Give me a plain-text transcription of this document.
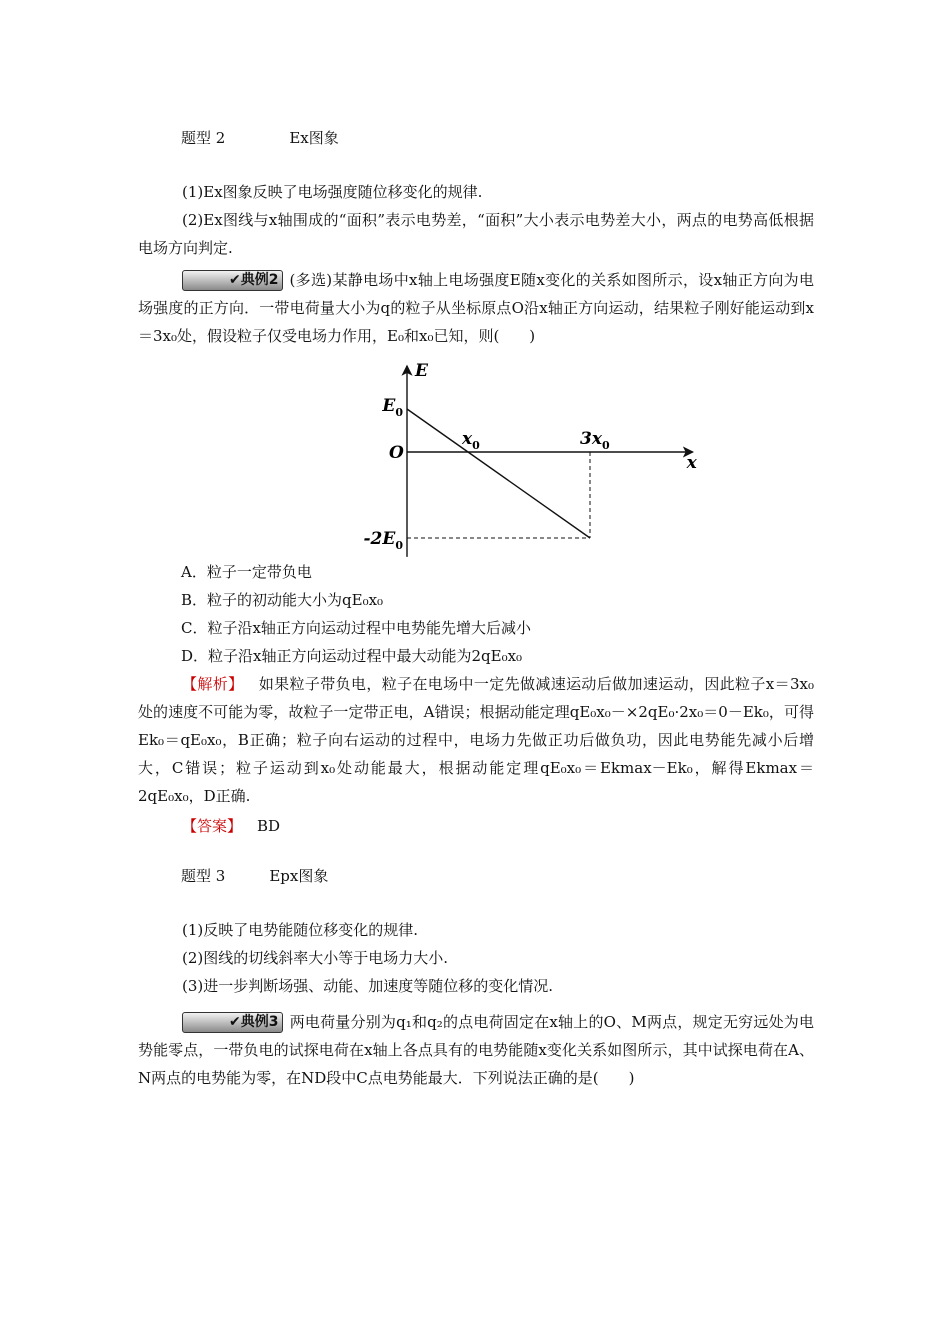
题型 2	Ex图象
(1)Ex图象反映了电场强度随位移变化的规律.
(2)Ex图线与x轴围成的“面积”表示电势差，“面积”大小表示电势差大小，两点的电势高低根据电场方向判定.
✔典例2 (多选)某静电场中x轴上电场强度E随x变化的关系如图所示，设x轴正方向为电场强度的正方向．一带电荷量大小为q的粒子从坐标原点O沿x轴正方向运动，结果粒子刚好能运动到x＝3x₀处，假设粒子仅受电场力作用，E₀和x₀已知，则(　　)
E
x
O
$E_0$
$-2E_0$
$x_0$	$3x_0$
A．粒子一定带负电
B．粒子的初动能大小为qE₀x₀
C．粒子沿x轴正方向运动过程中电势能先增大后减小
D．粒子沿x轴正方向运动过程中最大动能为2qE₀x₀
【解析】  如果粒子带负电，粒子在电场中一定先做减速运动后做加速运动，因此粒子x＝3x₀处的速度不可能为零，故粒子一定带正电，A错误；根据动能定理qE₀x₀－×2qE₀·2x₀＝0－Ek₀，可得Ek₀＝qE₀x₀，B正确；粒子向右运动的过程中，电场力先做正功后做负功，因此电势能先减小后增大，C错误；粒子运动到x₀处动能最大，根据动能定理qE₀x₀＝Ekmax－Ek₀，解得Ekmax＝2qE₀x₀，D正确.
【答案】  BD
题型 3	Epx图象
(1)反映了电势能随位移变化的规律.
(2)图线的切线斜率大小等于电场力大小.
(3)进一步判断场强、动能、加速度等随位移的变化情况.
✔典例3 两电荷量分别为q₁和q₂的点电荷固定在x轴上的O、M两点，规定无穷远处为电势能零点，一带负电的试探电荷在x轴上各点具有的电势能随x变化关系如图所示，其中试探电荷在A、N两点的电势能为零，在ND段中C点电势能最大．下列说法正确的是(　　)
